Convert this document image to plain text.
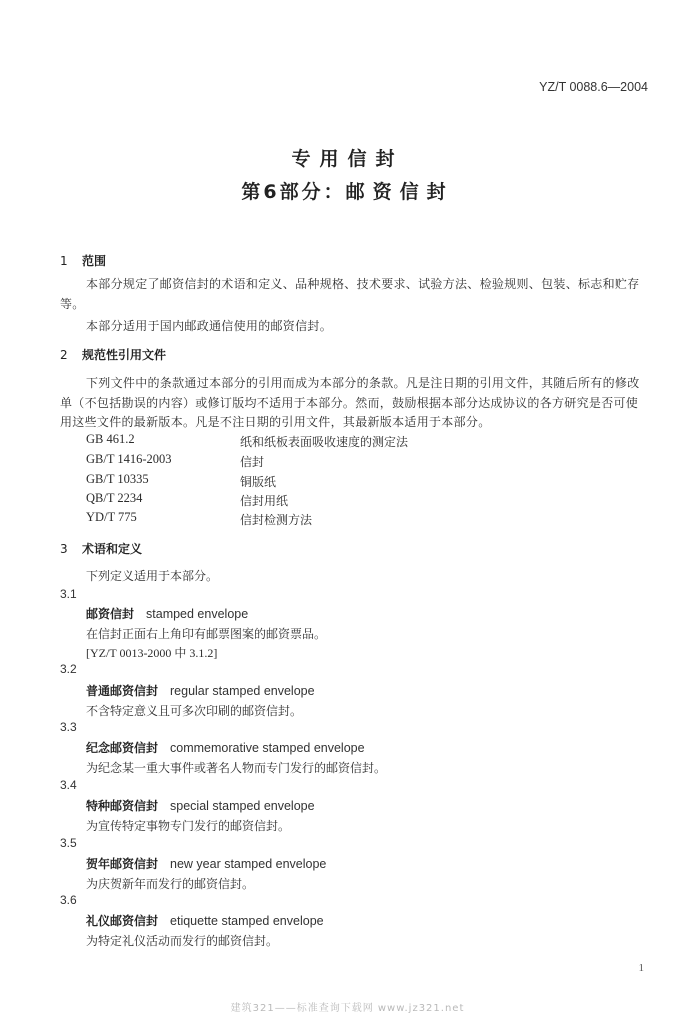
YZ/T 0088.6—2004
专用信封
第6部分：邮资信封
1 范围
本部分规定了邮资信封的术语和定义、品种规格、技术要求、试验方法、检验规则、包装、标志和贮存等。
本部分适用于国内邮政通信使用的邮资信封。
2 规范性引用文件
下列文件中的条款通过本部分的引用而成为本部分的条款。凡是注日期的引用文件，其随后所有的修改单（不包括勘误的内容）或修订版均不适用于本部分。然而，鼓励根据本部分达成协议的各方研究是否可使用这些文件的最新版本。凡是不注日期的引用文件，其最新版本适用于本部分。
GB 461.2	纸和纸板表面吸收速度的测定法
GB/T 1416-2003	信封
GB/T 10335	铜版纸
QB/T 2234	信封用纸
YD/T 775	信封检测方法
3 术语和定义
下列定义适用于本部分。
3.1
邮资信封 stamped envelope
在信封正面右上角印有邮票图案的邮资票品。
[YZ/T 0013-2000 中 3.1.2]
3.2
普通邮资信封 regular stamped envelope
不含特定意义且可多次印刷的邮资信封。
3.3
纪念邮资信封 commemorative stamped envelope
为纪念某一重大事件或著名人物而专门发行的邮资信封。
3.4
特种邮资信封 special stamped envelope
为宣传特定事物专门发行的邮资信封。
3.5
贺年邮资信封 new year stamped envelope
为庆贺新年而发行的邮资信封。
3.6
礼仪邮资信封 etiquette stamped envelope
为特定礼仪活动而发行的邮资信封。
1
建筑321——标准查询下载网 www.jz321.net
